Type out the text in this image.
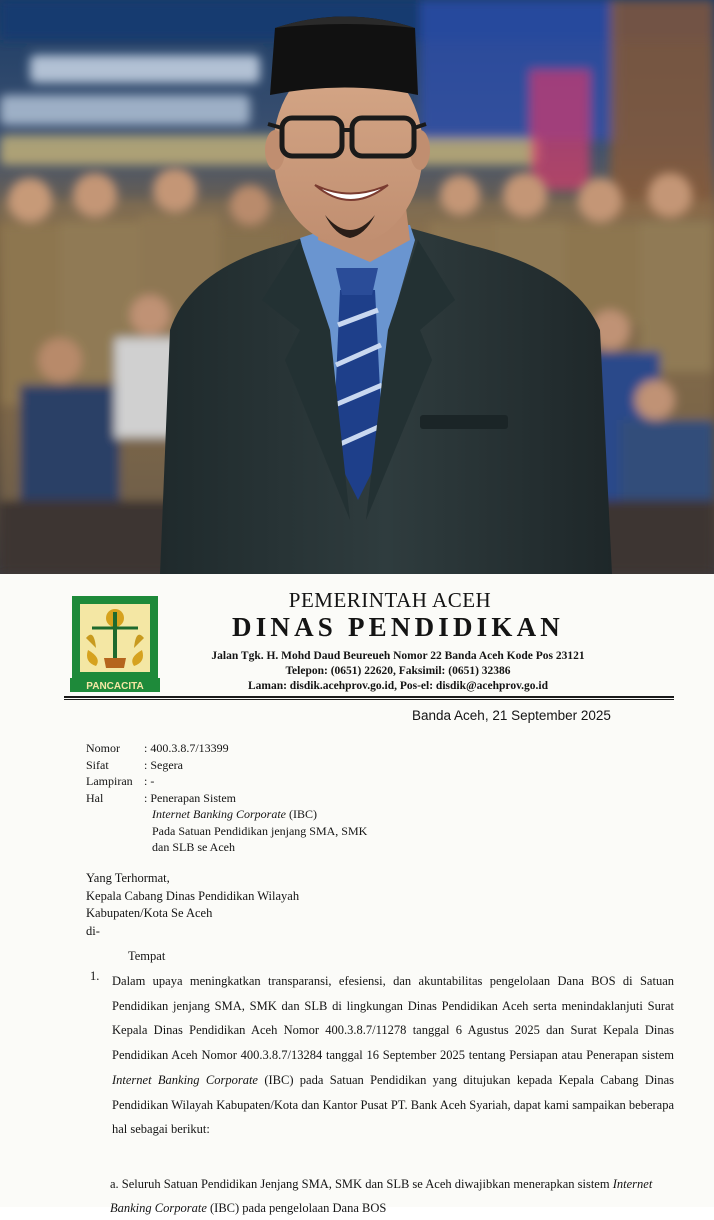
PANCACITA
PEMERINTAH ACEH
DINAS PENDIDIKAN
Jalan Tgk. H. Mohd Daud Beureueh Nomor 22 Banda Aceh Kode Pos 23121
Telepon: (0651) 22620, Faksimil: (0651) 32386
Laman: disdik.acehprov.go.id, Pos-el: disdik@acehprov.go.id
Banda Aceh, 21 September 2025
Nomor	: 400.3.8.7/13399
Sifat	: Segera
Lampiran : -
Hal	: Penerapan Sistem
Internet Banking Corporate (IBC)
Pada Satuan Pendidikan jenjang SMA, SMK
dan SLB se Aceh
Yang Terhormat,
Kepala Cabang Dinas Pendidikan Wilayah
Kabupaten/Kota Se Aceh
di-
Tempat
1. Dalam upaya meningkatkan transparansi, efesiensi, dan akuntabilitas pengelolaan Dana BOS di Satuan Pendidikan jenjang SMA, SMK dan SLB di lingkungan Dinas Pendidikan Aceh serta menindaklanjuti Surat Kepala Dinas Pendidikan Aceh Nomor 400.3.8.7/11278 tanggal 6 Agustus 2025 dan Surat Kepala Dinas Pendidikan Aceh Nomor 400.3.8.7/13284 tanggal 16 September 2025 tentang Persiapan atau Penerapan sistem Internet Banking Corporate (IBC) pada Satuan Pendidikan yang ditujukan kepada Kepala Cabang Dinas Pendidikan Wilayah Kabupaten/Kota dan Kantor Pusat PT. Bank Aceh Syariah, dapat kami sampaikan beberapa hal sebagai berikut:
a. Seluruh Satuan Pendidikan Jenjang SMA, SMK dan SLB se Aceh diwajibkan menerapkan sistem Internet Banking Corporate (IBC) pada pengelolaan Dana BOS
